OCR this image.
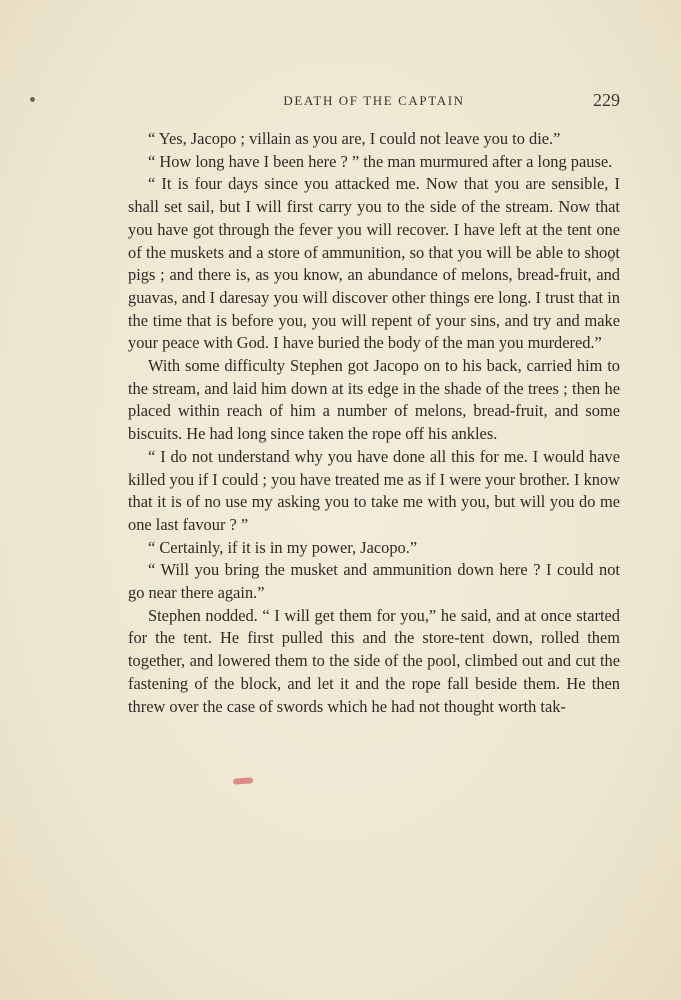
DEATH OF THE CAPTAIN	229

“ Yes, Jacopo ; villain as you are, I could not leave you to die.”

“ How long have I been here ? ” the man murmured after a long pause.

“ It is four days since you attacked me. Now that you are sensible, I shall set sail, but I will first carry you to the side of the stream. Now that you have got through the fever you will recover. I have left at the tent one of the muskets and a store of ammunition, so that you will be able to shoot pigs ; and there is, as you know, an abundance of melons, bread-fruit, and guavas, and I daresay you will discover other things ere long. I trust that in the time that is before you, you will repent of your sins, and try and make your peace with God. I have buried the body of the man you murdered.”

With some difficulty Stephen got Jacopo on to his back, carried him to the stream, and laid him down at its edge in the shade of the trees ; then he placed within reach of him a number of melons, bread-fruit, and some biscuits. He had long since taken the rope off his ankles.

“ I do not understand why you have done all this for me. I would have killed you if I could ; you have treated me as if I were your brother. I know that it is of no use my asking you to take me with you, but will you do me one last favour ? ”

“ Certainly, if it is in my power, Jacopo.”

“ Will you bring the musket and ammunition down here ? I could not go near there again.”

Stephen nodded. “ I will get them for you,” he said, and at once started for the tent. He first pulled this and the store-tent down, rolled them together, and lowered them to the side of the pool, climbed out and cut the fastening of the block, and let it and the rope fall beside them. He then threw over the case of swords which he had not thought worth tak-
